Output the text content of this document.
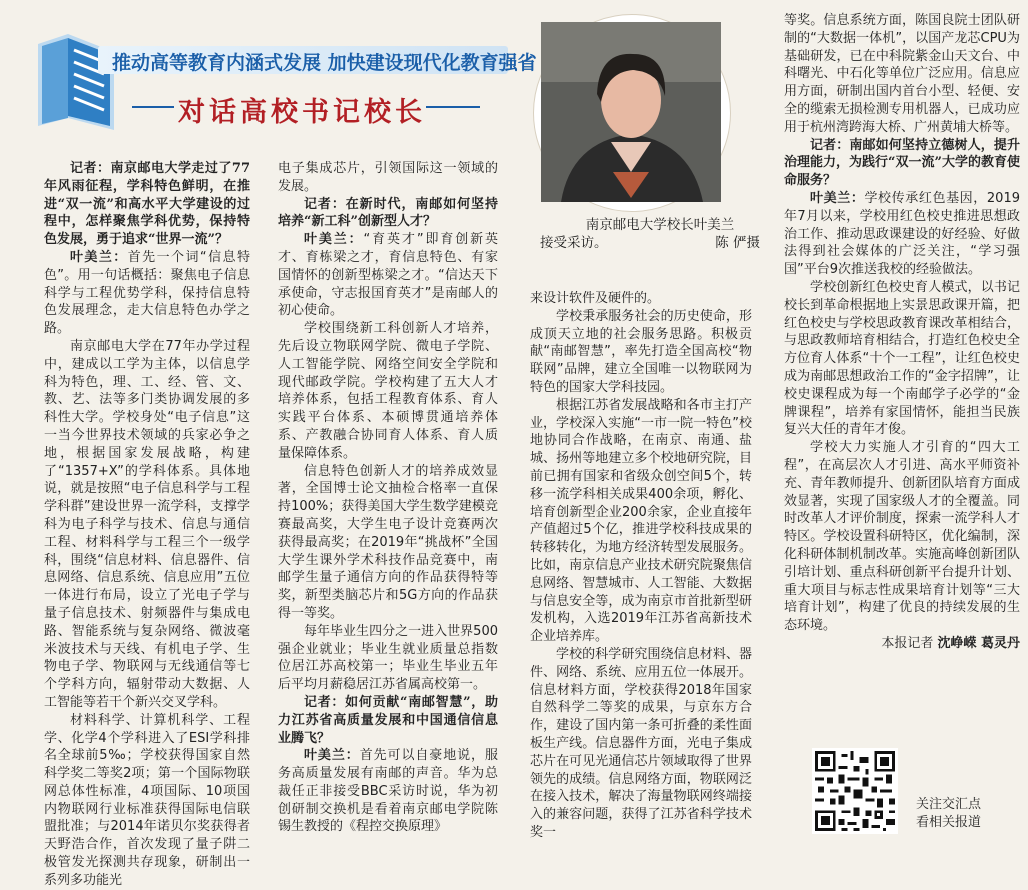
推动高等教育内涵式发展 加快建设现代化教育强省
对话高校书记校长
南京邮电大学校长叶美兰
接受采访。	陈 俨摄

记者：南京邮电大学走过了77年风雨征程，学科特色鲜明，在推进“双一流”和高水平大学建设的过程中，怎样聚焦学科优势，保持特色发展，勇于追求“世界一流”？

叶美兰：首先一个词“信息特色”。用一句话概括：聚焦电子信息科学与工程优势学科，保持信息特色发展理念，走大信息特色办学之路。

南京邮电大学在77年办学过程中，建成以工学为主体，以信息学科为特色，理、工、经、管、文、教、艺、法等多门类协调发展的多科性大学。学校身处“电子信息”这一当今世界技术领域的兵家必争之地，根据国家发展战略，构建了“1357+X”的学科体系。具体地说，就是按照“电子信息科学与工程学科群”建设世界一流学科，支撑学科为电子科学与技术、信息与通信工程、材料科学与工程三个一级学科，围绕“信息材料、信息器件、信息网络、信息系统、信息应用”五位一体进行布局，设立了光电子学与量子信息技术、射频器件与集成电路、智能系统与复杂网络、微波毫米波技术与天线、有机电子学、生物电子学、物联网与无线通信等七个学科方向，辐射带动大数据、人工智能等若干个新兴交叉学科。

材料科学、计算机科学、工程学、化学4个学科进入了ESI学科排名全球前5‰；学校获得国家自然科学奖二等奖2项；第一个国际物联网总体性标准，4项国际、10项国内物联网行业标准获得国际电信联盟批准；与2014年诺贝尔奖获得者天野浩合作，首次发现了量子阱二极管发光探测共存现象，研制出一系列多功能光

电子集成芯片，引领国际这一领域的发展。

记者：在新时代，南邮如何坚持培养“新工科”创新型人才？

叶美兰：“育英才”即育创新英才、育栋梁之才，育信息特色、有家国情怀的创新型栋梁之才。“信达天下承使命，守志报国育英才”是南邮人的初心使命。

学校围绕新工科创新人才培养，先后设立物联网学院、微电子学院、人工智能学院、网络空间安全学院和现代邮政学院。学校构建了五大人才培养体系，包括工程教育体系、育人实践平台体系、本硕博贯通培养体系、产教融合协同育人体系、育人质量保障体系。

信息特色创新人才的培养成效显著，全国博士论文抽检合格率一直保持100%；获得美国大学生数学建模竞赛最高奖，大学生电子设计竞赛两次获得最高奖；在2019年“挑战杯”全国大学生课外学术科技作品竞赛中，南邮学生量子通信方向的作品获得特等奖，新型类脑芯片和5G方向的作品获得一等奖。

每年毕业生四分之一进入世界500强企业就业；毕业生就业质量总指数位居江苏高校第一；毕业生毕业五年后平均月薪稳居江苏省属高校第一。

记者：如何贡献“南邮智慧”，助力江苏省高质量发展和中国通信信息业腾飞？

叶美兰：首先可以自豪地说，服务高质量发展有南邮的声音。华为总裁任正非接受BBC采访时说，华为初创研制交换机是看着南京邮电学院陈锡生教授的《程控交换原理》

来设计软件及硬件的。

学校秉承服务社会的历史使命，形成顶天立地的社会服务思路。积极贡献“南邮智慧”，率先打造全国高校“物联网”品牌，建立全国唯一以物联网为特色的国家大学科技园。

根据江苏省发展战略和各市主打产业，学校深入实施“一市一院一特色”校地协同合作战略，在南京、南通、盐城、扬州等地建立多个校地研究院，目前已拥有国家和省级众创空间5个，转移一流学科相关成果400余项，孵化、培育创新型企业200余家，企业直接年产值超过5个亿，推进学校科技成果的转移转化，为地方经济转型发展服务。比如，南京信息产业技术研究院聚焦信息网络、智慧城市、人工智能、大数据与信息安全等，成为南京市首批新型研发机构，入选2019年江苏省高新技术企业培养库。

学校的科学研究围绕信息材料、器件、网络、系统、应用五位一体展开。信息材料方面，学校获得2018年国家自然科学二等奖的成果，与京东方合作，建设了国内第一条可折叠的柔性面板生产线。信息器件方面，光电子集成芯片在可见光通信芯片领域取得了世界领先的成绩。信息网络方面，物联网泛在接入技术，解决了海量物联网终端接入的兼容问题，获得了江苏省科学技术奖一

等奖。信息系统方面，陈国良院士团队研制的“大数据一体机”，以国产龙芯CPU为基础研发，已在中科院紫金山天文台、中科曙光、中石化等单位广泛应用。信息应用方面，研制出国内首台小型、轻便、安全的缆索无损检测专用机器人，已成功应用于杭州湾跨海大桥、广州黄埔大桥等。

记者：南邮如何坚持立德树人，提升治理能力，为践行“双一流”大学的教育使命服务？

叶美兰：学校传承红色基因，2019年7月以来，学校用红色校史推进思想政治工作、推动思政课建设的好经验、好做法得到社会媒体的广泛关注，“学习强国”平台9次推送我校的经验做法。

学校创新红色校史育人模式，以书记校长到革命根据地上实景思政课开篇，把红色校史与学校思政教育课改革相结合，与思政教师培育相结合，打造红色校史全方位育人体系“十个一工程”，让红色校史成为南邮思想政治工作的“金字招牌”，让校史课程成为每一个南邮学子必学的“金牌课程”，培养有家国情怀，能担当民族复兴大任的青年才俊。

学校大力实施人才引育的“四大工程”，在高层次人才引进、高水平师资补充、青年教师提升、创新团队培育方面成效显著，实现了国家级人才的全覆盖。同时改革人才评价制度，探索一流学科人才特区。学校设置科研特区，优化编制，深化科研体制机制改革。实施高峰创新团队引培计划、重点科研创新平台提升计划、重大项目与标志性成果培育计划等“三大培育计划”，构建了优良的持续发展的生态环境。

本报记者 沈峥嵘 葛灵丹

关注交汇点
看相关报道
